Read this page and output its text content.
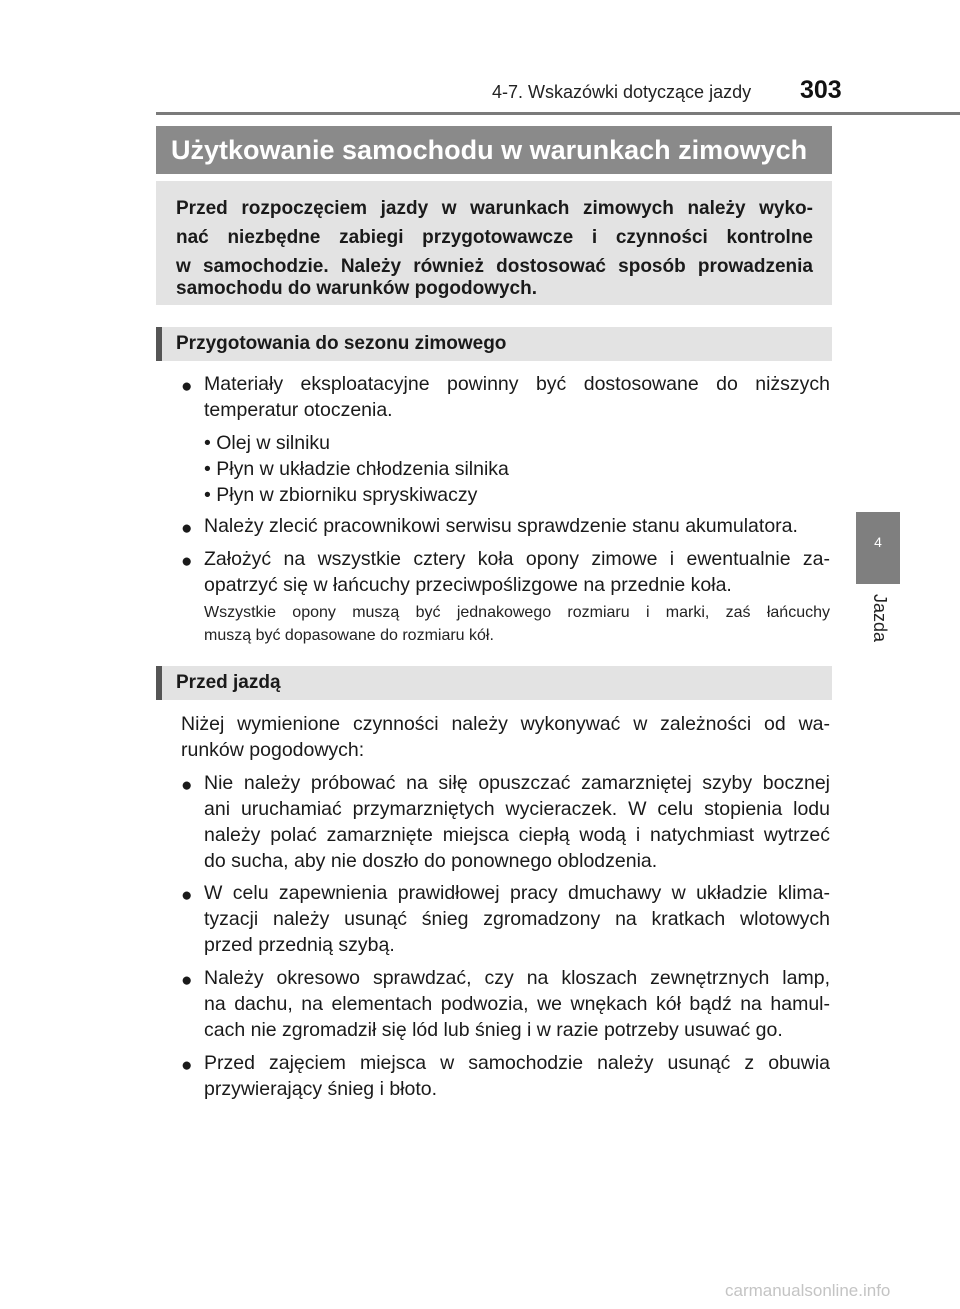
4-7. Wskazówki dotyczące jazdy 303
Użytkowanie samochodu w warunkach zimowych
Przed rozpoczęciem jazdy w warunkach zimowych należy wyko-
nać niezbędne zabiegi przygotowawcze i czynności kontrolne
w samochodzie. Należy również dostosować sposób prowadzenia
samochodu do warunków pogodowych.
Przygotowania do sezonu zimowego
● Materiały eksploatacyjne powinny być dostosowane do niższych
temperatur otoczenia.
• Olej w silniku
• Płyn w układzie chłodzenia silnika
• Płyn w zbiorniku spryskiwaczy
● Należy zlecić pracownikowi serwisu sprawdzenie stanu akumulatora.
● Założyć na wszystkie cztery koła opony zimowe i ewentualnie za-
opatrzyć się w łańcuchy przeciwpoślizgowe na przednie koła.
Wszystkie opony muszą być jednakowego rozmiaru i marki, zaś łańcuchy
muszą być dopasowane do rozmiaru kół.
Przed jazdą
Niżej wymienione czynności należy wykonywać w zależności od wa-
runków pogodowych:
● Nie należy próbować na siłę opuszczać zamarzniętej szyby bocznej
ani uruchamiać przymarzniętych wycieraczek. W celu stopienia lodu
należy polać zamarznięte miejsca ciepłą wodą i natychmiast wytrzeć
do sucha, aby nie doszło do ponownego oblodzenia.
● W celu zapewnienia prawidłowej pracy dmuchawy w układzie klima-
tyzacji należy usunąć śnieg zgromadzony na kratkach wlotowych
przed przednią szybą.
● Należy okresowo sprawdzać, czy na kloszach zewnętrznych lamp,
na dachu, na elementach podwozia, we wnękach kół bądź na hamul-
cach nie zgromadził się lód lub śnieg i w razie potrzeby usuwać go.
● Przed zajęciem miejsca w samochodzie należy usunąć z obuwia
przywierający śnieg i błoto.
4
Jazda
carmanualsonline.info
